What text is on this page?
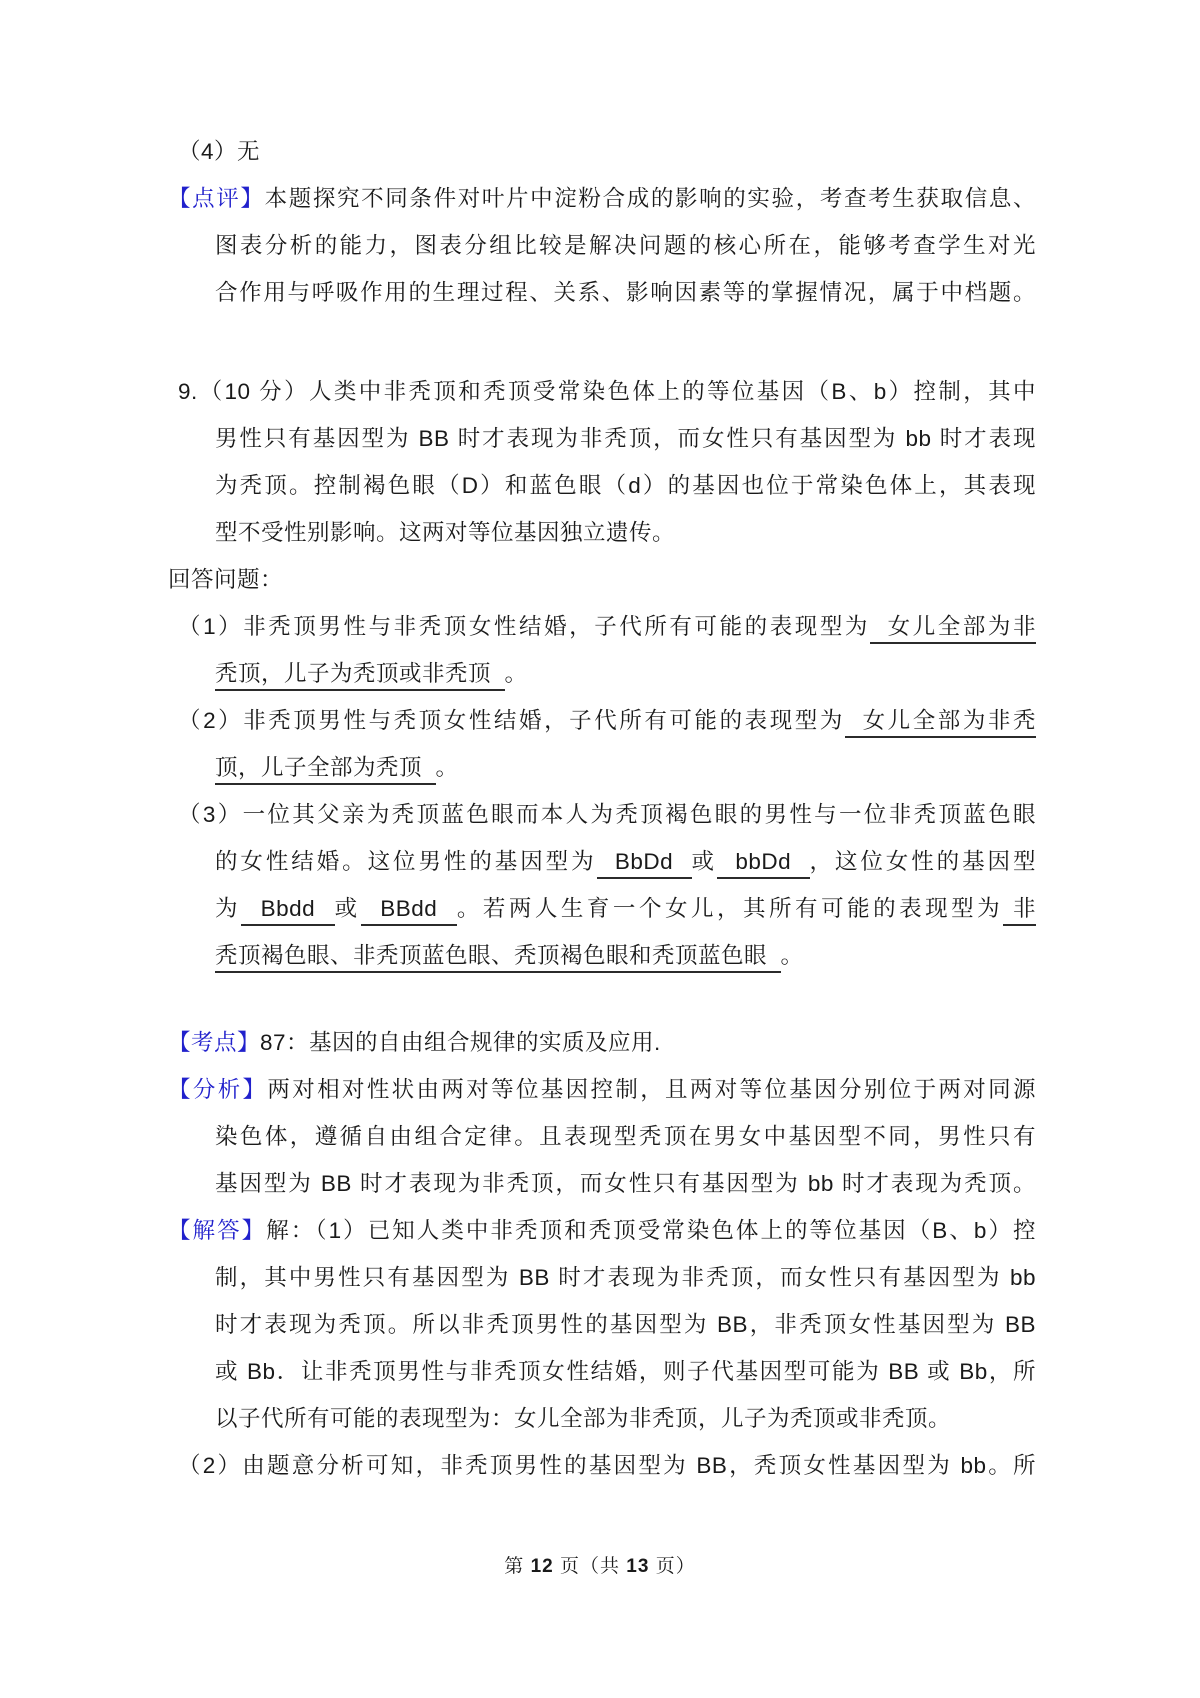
（4）无
【点评】本题探究不同条件对叶片中淀粉合成的影响的实验，考查考生获取信息、
图表分析的能力，图表分组比较是解决问题的核心所在，能够考查学生对光
合作用与呼吸作用的生理过程、关系、影响因素等的掌握情况，属于中档题。
9.（10 分）人类中非秃顶和秃顶受常染色体上的等位基因（B、b）控制，其中
男性只有基因型为 BB 时才表现为非秃顶，而女性只有基因型为 bb 时才表现
为秃顶。控制褐色眼（D）和蓝色眼（d）的基因也位于常染色体上，其表现
型不受性别影响。这两对等位基因独立遗传。
回答问题：
（1）非秃顶男性与非秃顶女性结婚，子代所有可能的表现型为  女儿全部为非
秃顶，儿子为秃顶或非秃顶  。
（2）非秃顶男性与秃顶女性结婚，子代所有可能的表现型为  女儿全部为非秃
顶，儿子全部为秃顶  。
（3）一位其父亲为秃顶蓝色眼而本人为秃顶褐色眼的男性与一位非秃顶蓝色眼
的女性结婚。这位男性的基因型为  BbDd  或  bbDd  ，这位女性的基因型
为  Bbdd  或  BBdd  。若两人生育一个女儿，其所有可能的表现型为 非
秃顶褐色眼、非秃顶蓝色眼、秃顶褐色眼和秃顶蓝色眼  。
【考点】87：基因的自由组合规律的实质及应用.
【分析】两对相对性状由两对等位基因控制，且两对等位基因分别位于两对同源
染色体，遵循自由组合定律。且表现型秃顶在男女中基因型不同，男性只有
基因型为 BB 时才表现为非秃顶，而女性只有基因型为 bb 时才表现为秃顶。
【解答】解：（1）已知人类中非秃顶和秃顶受常染色体上的等位基因（B、b）控
制，其中男性只有基因型为 BB 时才表现为非秃顶，而女性只有基因型为 bb
时才表现为秃顶。所以非秃顶男性的基因型为 BB，非秃顶女性基因型为 BB
或 Bb．让非秃顶男性与非秃顶女性结婚，则子代基因型可能为 BB 或 Bb，所
以子代所有可能的表现型为：女儿全部为非秃顶，儿子为秃顶或非秃顶。
（2）由题意分析可知，非秃顶男性的基因型为 BB，秃顶女性基因型为 bb。所
第 12 页（共 13 页）
